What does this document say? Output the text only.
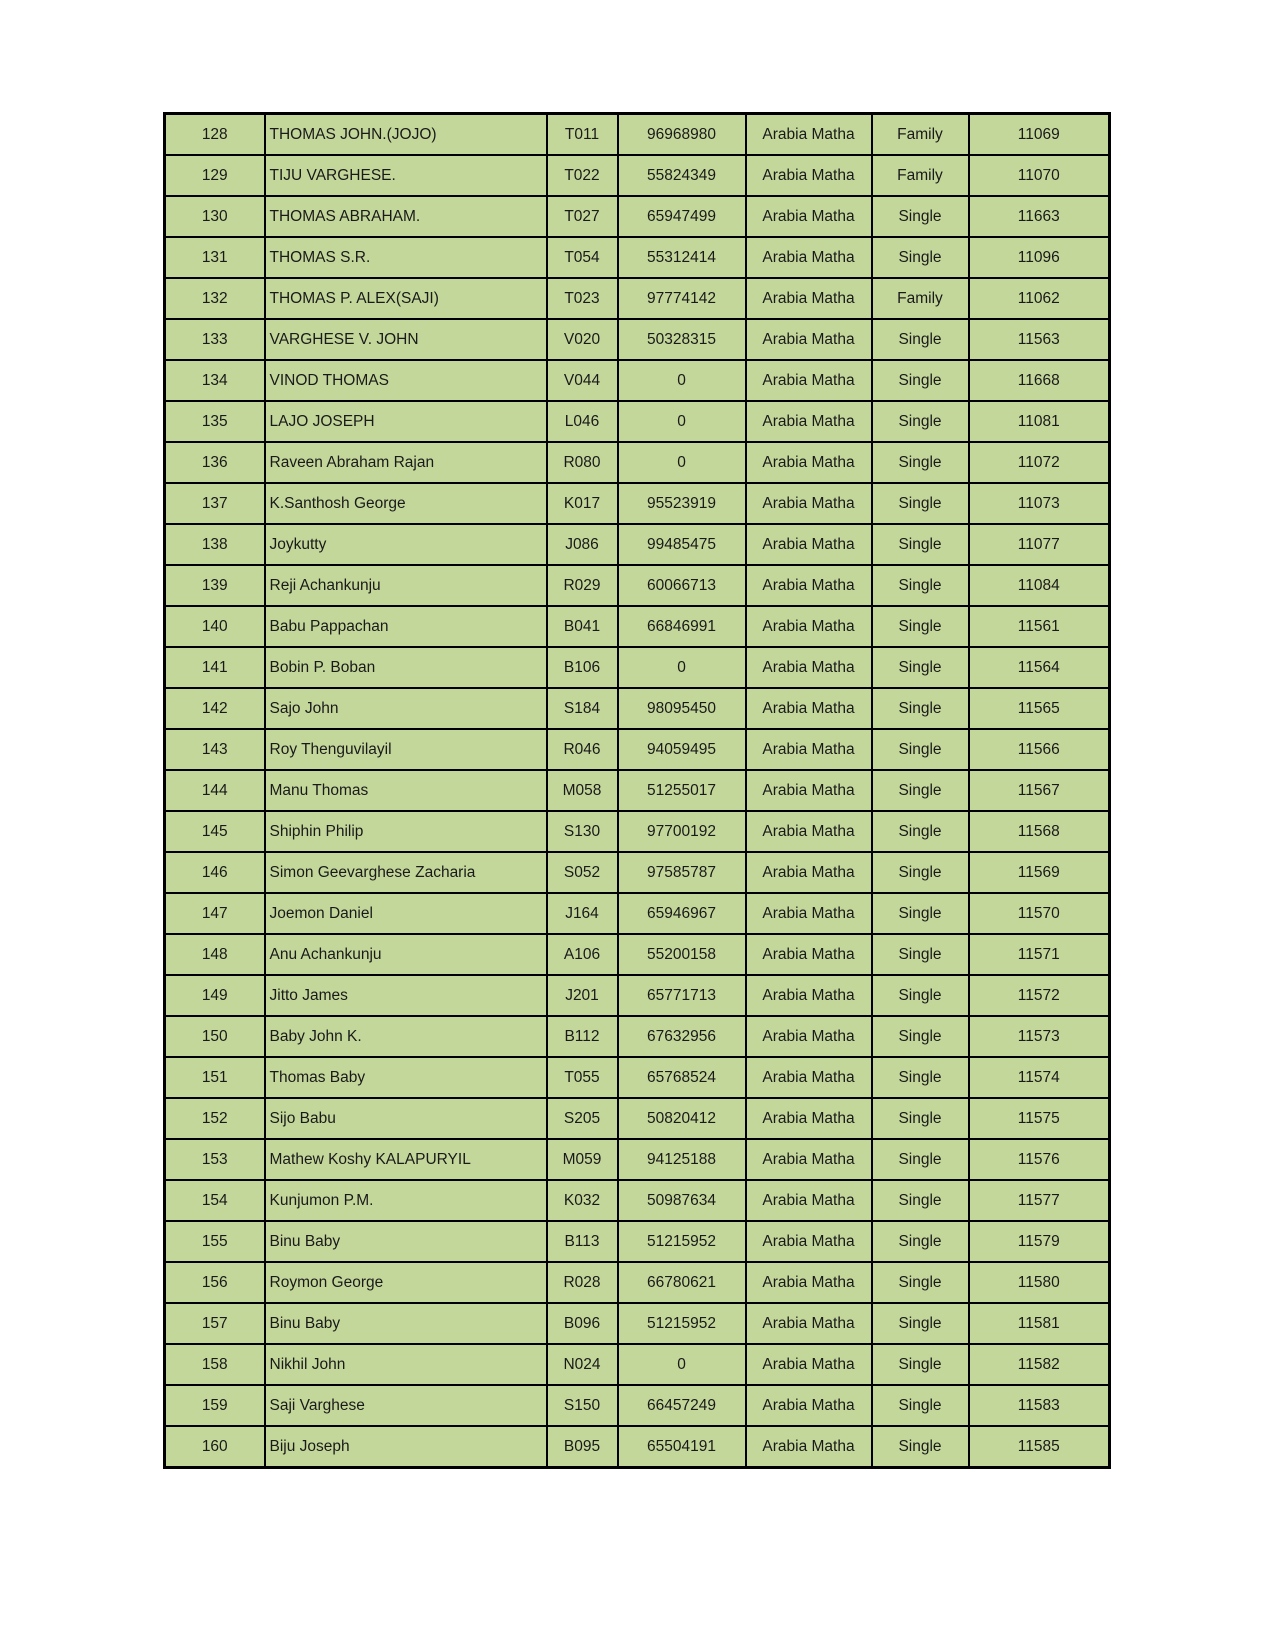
128	THOMAS JOHN.(JOJO)	T011	96968980	Arabia Matha	Family	11069
129	TIJU VARGHESE.	T022	55824349	Arabia Matha	Family	11070
130	THOMAS ABRAHAM.	T027	65947499	Arabia Matha	Single	11663
131	THOMAS S.R.	T054	55312414	Arabia Matha	Single	11096
132	THOMAS P. ALEX(SAJI)	T023	97774142	Arabia Matha	Family	11062
133	VARGHESE V. JOHN	V020	50328315	Arabia Matha	Single	11563
134	VINOD THOMAS	V044	0	Arabia Matha	Single	11668
135	LAJO JOSEPH	L046	0	Arabia Matha	Single	11081
136	Raveen Abraham Rajan	R080	0	Arabia Matha	Single	11072
137	K.Santhosh George	K017	95523919	Arabia Matha	Single	11073
138	Joykutty	J086	99485475	Arabia Matha	Single	11077
139	Reji Achankunju	R029	60066713	Arabia Matha	Single	11084
140	Babu Pappachan	B041	66846991	Arabia Matha	Single	11561
141	Bobin P. Boban	B106	0	Arabia Matha	Single	11564
142	Sajo John	S184	98095450	Arabia Matha	Single	11565
143	Roy Thenguvilayil	R046	94059495	Arabia Matha	Single	11566
144	Manu Thomas	M058	51255017	Arabia Matha	Single	11567
145	Shiphin Philip	S130	97700192	Arabia Matha	Single	11568
146	Simon Geevarghese Zacharia	S052	97585787	Arabia Matha	Single	11569
147	Joemon Daniel	J164	65946967	Arabia Matha	Single	11570
148	Anu Achankunju	A106	55200158	Arabia Matha	Single	11571
149	Jitto James	J201	65771713	Arabia Matha	Single	11572
150	Baby John K.	B112	67632956	Arabia Matha	Single	11573
151	Thomas Baby	T055	65768524	Arabia Matha	Single	11574
152	Sijo Babu	S205	50820412	Arabia Matha	Single	11575
153	Mathew Koshy KALAPURYIL	M059	94125188	Arabia Matha	Single	11576
154	Kunjumon P.M.	K032	50987634	Arabia Matha	Single	11577
155	Binu Baby	B113	51215952	Arabia Matha	Single	11579
156	Roymon George	R028	66780621	Arabia Matha	Single	11580
157	Binu Baby	B096	51215952	Arabia Matha	Single	11581
158	Nikhil John	N024	0	Arabia Matha	Single	11582
159	Saji Varghese	S150	66457249	Arabia Matha	Single	11583
160	Biju Joseph	B095	65504191	Arabia Matha	Single	11585
